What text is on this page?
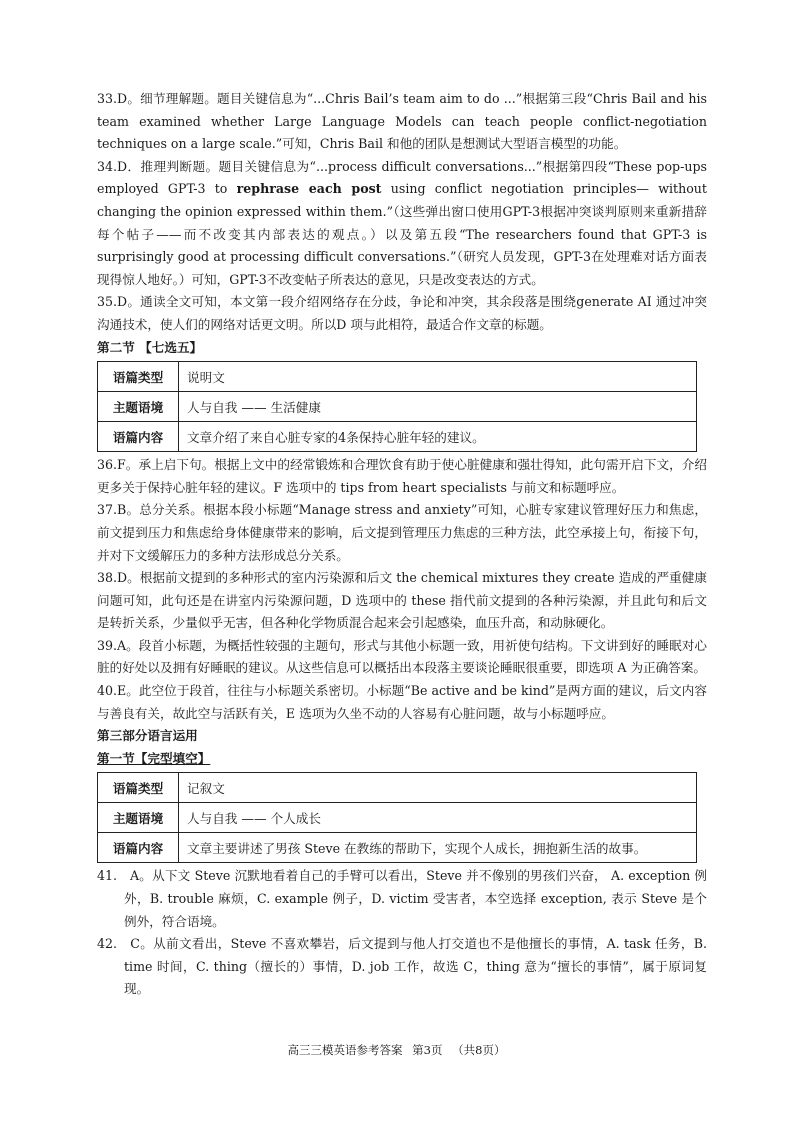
33.D。细节理解题。题目关键信息为“...Chris Bail’s team aim to do ...”根据第三段“Chris Bail and his team examined whether Large Language Models can teach people conflict-negotiation techniques on a large scale.”可知，Chris Bail 和他的团队是想测试大型语言模型的功能。

34.D．推理判断题。题目关键信息为“...process difficult conversations...”根据第四段“These pop-ups employed GPT-3 to rephrase each post using conflict negotiation principles— without changing the opinion expressed within them.”（这些弹出窗口使用GPT-3根据冲突谈判原则来重新措辞每个帖子——而不改变其内部表达的观点。）以及第五段“The researchers found that GPT-3 is surprisingly good at processing difficult conversations.”（研究人员发现，GPT-3在处理难对话方面表现得惊人地好。）可知，GPT-3不改变帖子所表达的意见，只是改变表达的方式。

35.D。通读全文可知，本文第一段介绍网络存在分歧，争论和冲突，其余段落是围绕generate AI 通过冲突沟通技术，使人们的网络对话更文明。所以D 项与此相符，最适合作文章的标题。

第二节 【七选五】

语篇类型	说明文
主题语境	人与自我 —— 生活健康
语篇内容	文章介绍了来自心脏专家的4条保持心脏年轻的建议。

36.F。承上启下句。根据上文中的经常锻炼和合理饮食有助于使心脏健康和强壮得知，此句需开启下文，介绍更多关于保持心脏年轻的建议。F 选项中的 tips from heart specialists 与前文和标题呼应。

37.B。总分关系。根据本段小标题“Manage stress and anxiety”可知，心脏专家建议管理好压力和焦虑，前文提到压力和焦虑给身体健康带来的影响，后文提到管理压力焦虑的三种方法，此空承接上句，衔接下句，并对下文缓解压力的多种方法形成总分关系。

38.D。根据前文提到的多种形式的室内污染源和后文 the chemical mixtures they create 造成的严重健康问题可知，此句还是在讲室内污染源问题，D 选项中的 these 指代前文提到的各种污染源，并且此句和后文是转折关系，少量似乎无害，但各种化学物质混合起来会引起感染，血压升高，和动脉硬化。

39.A。段首小标题，为概括性较强的主题句，形式与其他小标题一致，用祈使句结构。下文讲到好的睡眠对心脏的好处以及拥有好睡眠的建议。从这些信息可以概括出本段落主要谈论睡眠很重要，即选项 A 为正确答案。

40.E。此空位于段首，往往与小标题关系密切。小标题“Be active and be kind”是两方面的建议，后文内容与善良有关，故此空与活跃有关，E 选项为久坐不动的人容易有心脏问题，故与小标题呼应。

第三部分语言运用

第一节【完型填空】

语篇类型	记叙文
主题语境	人与自我 —— 个人成长
语篇内容	文章主要讲述了男孩 Steve 在教练的帮助下，实现个人成长，拥抱新生活的故事。

41.　A。从下文 Steve 沉默地看着自己的手臂可以看出，Steve 并不像别的男孩们兴奋， A. exception 例外，B. trouble 麻烦，C. example 例子，D. victim 受害者，本空选择 exception, 表示 Steve 是个例外，符合语境。

42.　C。从前文看出，Steve 不喜欢攀岩，后文提到与他人打交道也不是他擅长的事情，A. task 任务，B. time 时间，C. thing（擅长的）事情，D. job 工作，故选 C，thing 意为“擅长的事情”，属于原词复现。

高三三模英语参考答案 第3页 （共8页）
